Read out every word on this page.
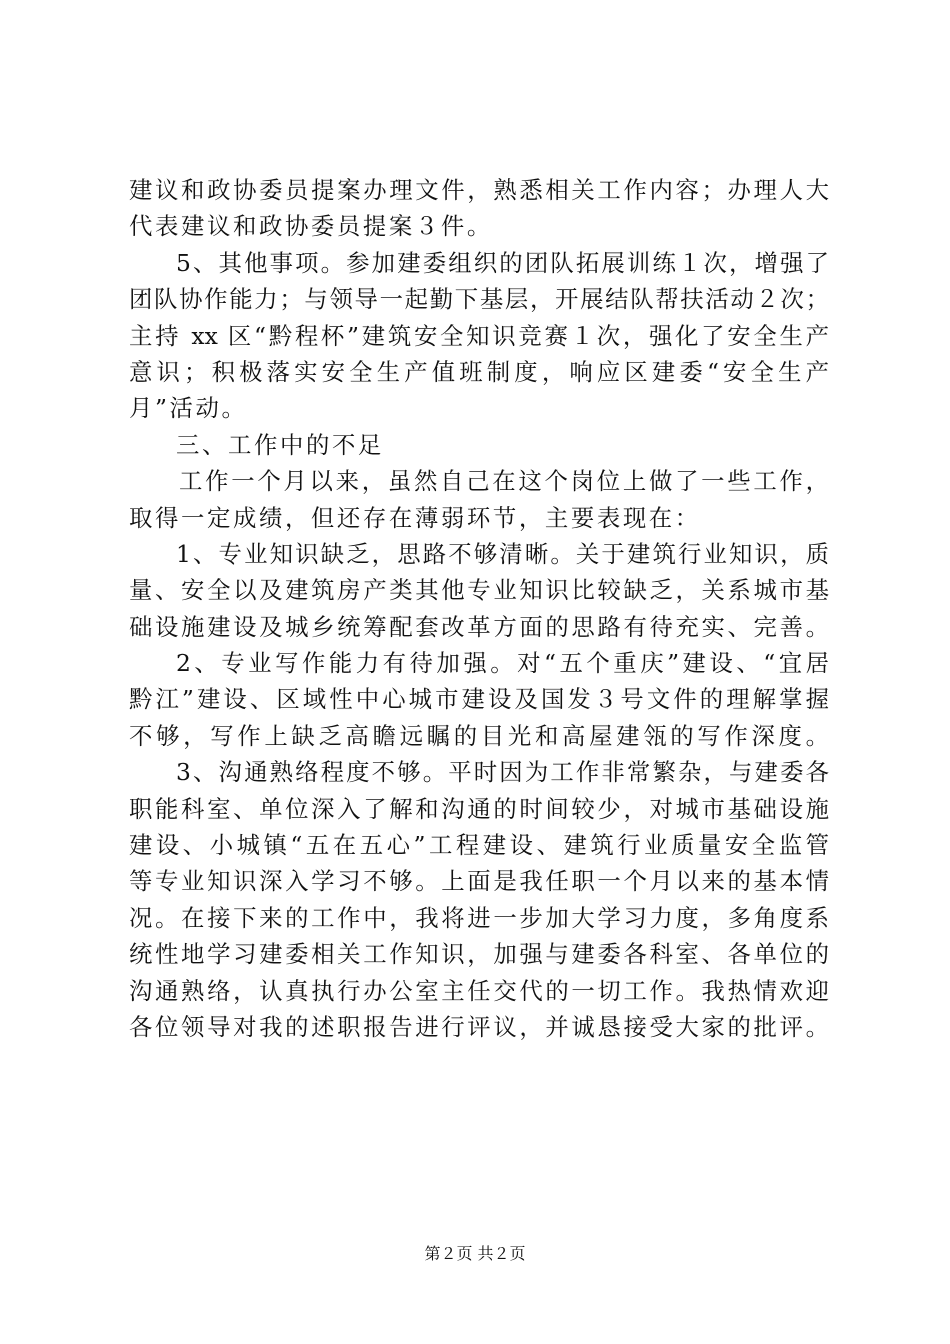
建议和政协委员提案办理文件，熟悉相关工作内容；办理人大
代表建议和政协委员提案３件。
5、其他事项。参加建委组织的团队拓展训练１次，增强了
团队协作能力；与领导一起勤下基层，开展结队帮扶活动２次；
主持 xx 区“黔程杯”建筑安全知识竞赛１次，强化了安全生产
意识；积极落实安全生产值班制度，响应区建委“安全生产
月”活动。
三、工作中的不足
工作一个月以来，虽然自己在这个岗位上做了一些工作，
取得一定成绩，但还存在薄弱环节，主要表现在：
1、专业知识缺乏，思路不够清晰。关于建筑行业知识，质
量、安全以及建筑房产类其他专业知识比较缺乏，关系城市基
础设施建设及城乡统筹配套改革方面的思路有待充实、完善。
2、专业写作能力有待加强。对“五个重庆”建设、“宜居
黔江”建设、区域性中心城市建设及国发３号文件的理解掌握
不够，写作上缺乏高瞻远瞩的目光和高屋建瓴的写作深度。
3、沟通熟络程度不够。平时因为工作非常繁杂，与建委各
职能科室、单位深入了解和沟通的时间较少，对城市基础设施
建设、小城镇“五在五心”工程建设、建筑行业质量安全监管
等专业知识深入学习不够。上面是我任职一个月以来的基本情
况。在接下来的工作中，我将进一步加大学习力度，多角度系
统性地学习建委相关工作知识，加强与建委各科室、各单位的
沟通熟络，认真执行办公室主任交代的一切工作。我热情欢迎
各位领导对我的述职报告进行评议，并诚恳接受大家的批评。
第２页 共２页
